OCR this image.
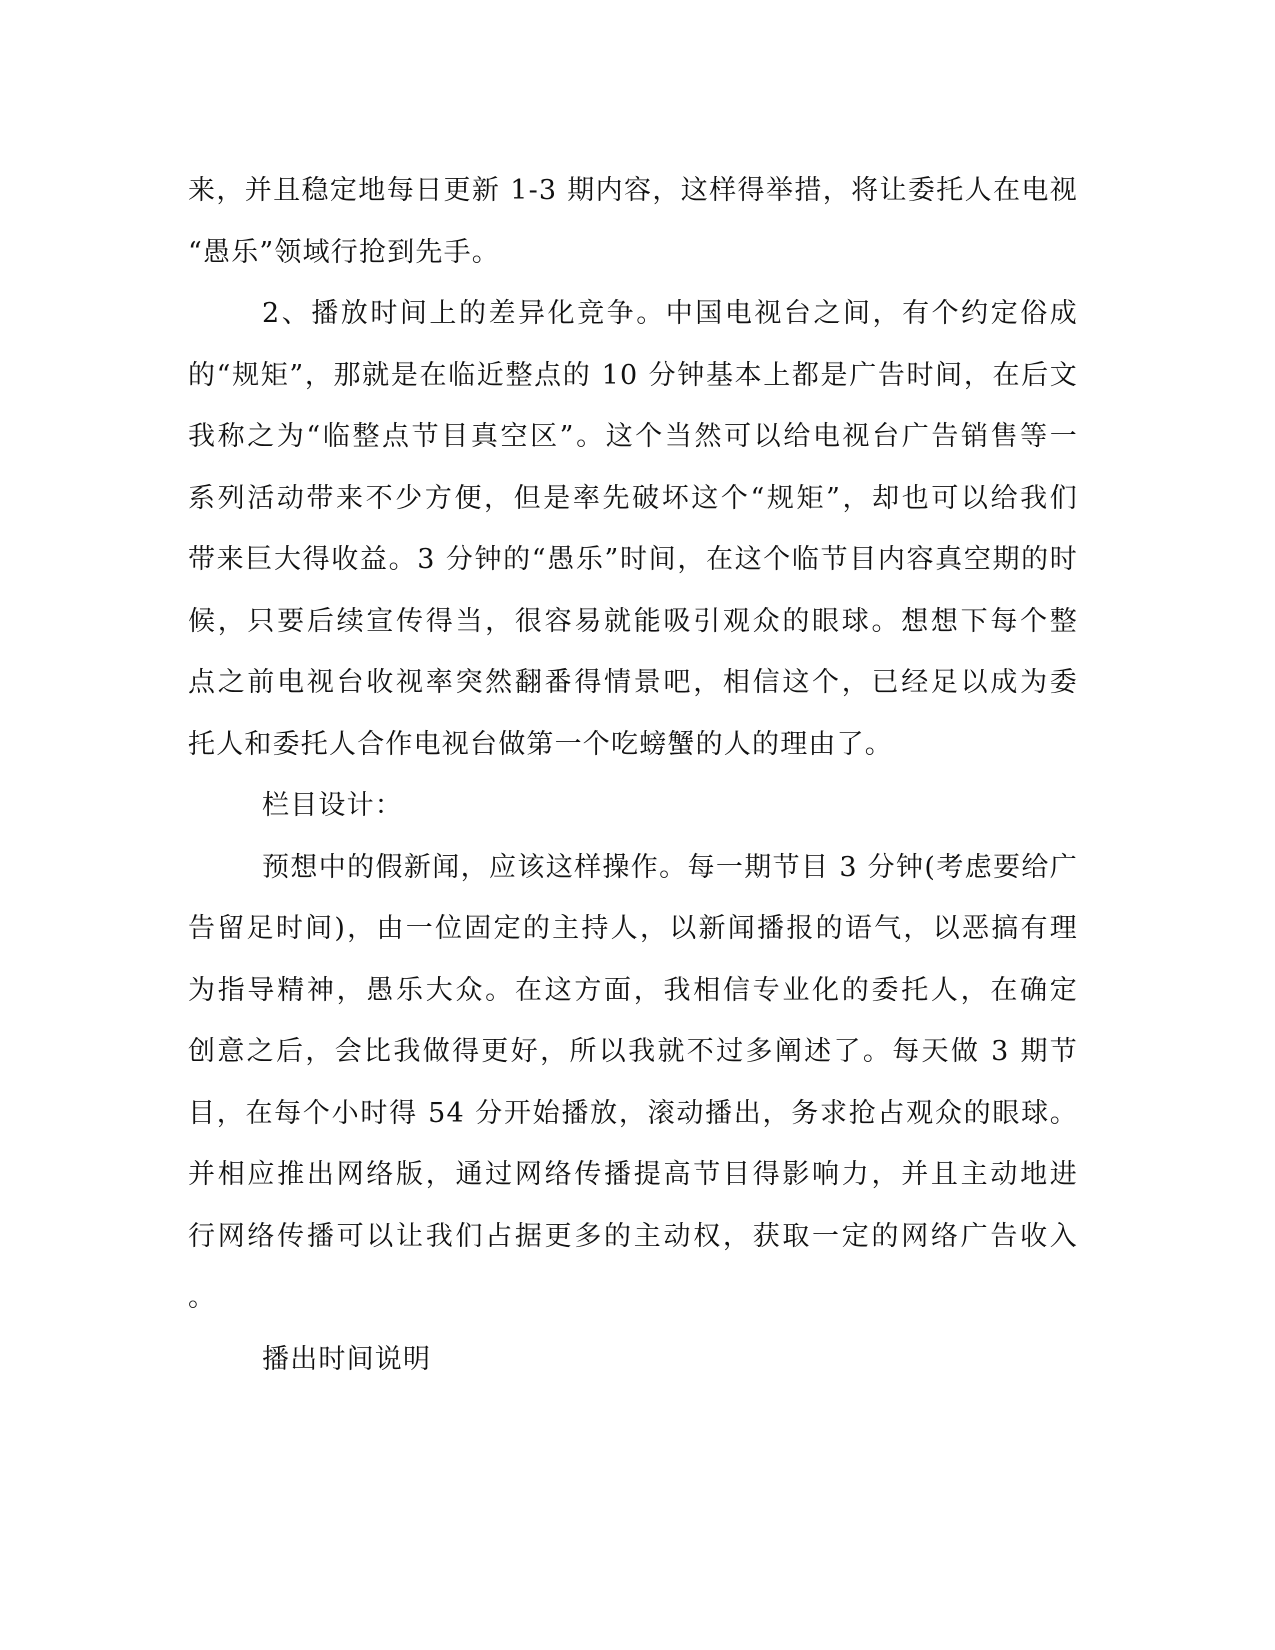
来，并且稳定地每日更新 1-3 期内容，这样得举措，将让委托人在电视
“愚乐”领域行抢到先手。
2、播放时间上的差异化竞争。中国电视台之间，有个约定俗成
的“规矩”，那就是在临近整点的 10 分钟基本上都是广告时间，在后文
我称之为“临整点节目真空区”。这个当然可以给电视台广告销售等一
系列活动带来不少方便，但是率先破坏这个“规矩”，却也可以给我们
带来巨大得收益。3 分钟的“愚乐”时间，在这个临节目内容真空期的时
候，只要后续宣传得当，很容易就能吸引观众的眼球。想想下每个整
点之前电视台收视率突然翻番得情景吧，相信这个，已经足以成为委
托人和委托人合作电视台做第一个吃螃蟹的人的理由了。
栏目设计：
预想中的假新闻，应该这样操作。每一期节目 3 分钟(考虑要给广
告留足时间)，由一位固定的主持人，以新闻播报的语气，以恶搞有理
为指导精神，愚乐大众。在这方面，我相信专业化的委托人，在确定
创意之后，会比我做得更好，所以我就不过多阐述了。每天做 3 期节
目，在每个小时得 54 分开始播放，滚动播出，务求抢占观众的眼球。
并相应推出网络版，通过网络传播提高节目得影响力，并且主动地进
行网络传播可以让我们占据更多的主动权，获取一定的网络广告收入
。
播出时间说明
